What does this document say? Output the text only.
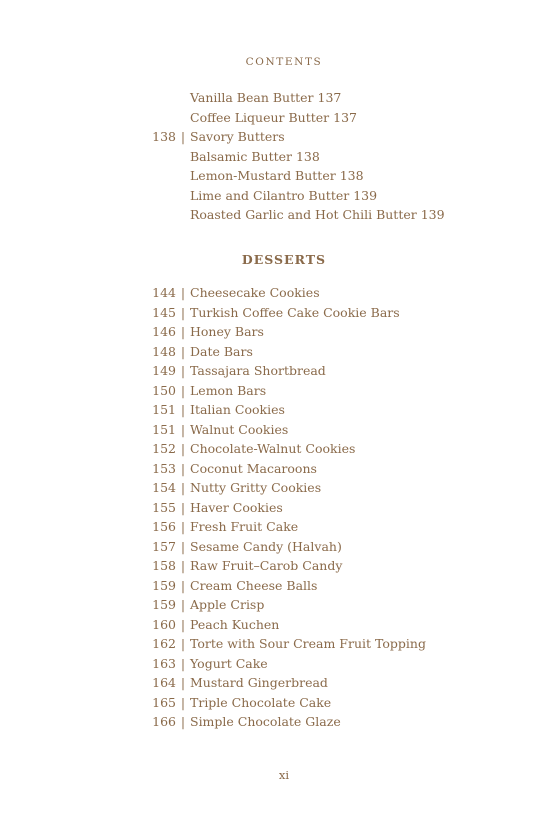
CONTENTS
Vanilla Bean Butter 137
Coffee Liqueur Butter 137
138 | Savory Butters
Balsamic Butter 138
Lemon-Mustard Butter 138
Lime and Cilantro Butter 139
Roasted Garlic and Hot Chili Butter 139
DESSERTS
144 | Cheesecake Cookies
145 | Turkish Coffee Cake Cookie Bars
146 | Honey Bars
148 | Date Bars
149 | Tassajara Shortbread
150 | Lemon Bars
151 | Italian Cookies
151 | Walnut Cookies
152 | Chocolate-Walnut Cookies
153 | Coconut Macaroons
154 | Nutty Gritty Cookies
155 | Haver Cookies
156 | Fresh Fruit Cake
157 | Sesame Candy (Halvah)
158 | Raw Fruit–Carob Candy
159 | Cream Cheese Balls
159 | Apple Crisp
160 | Peach Kuchen
162 | Torte with Sour Cream Fruit Topping
163 | Yogurt Cake
164 | Mustard Gingerbread
165 | Triple Chocolate Cake
166 | Simple Chocolate Glaze
xi
